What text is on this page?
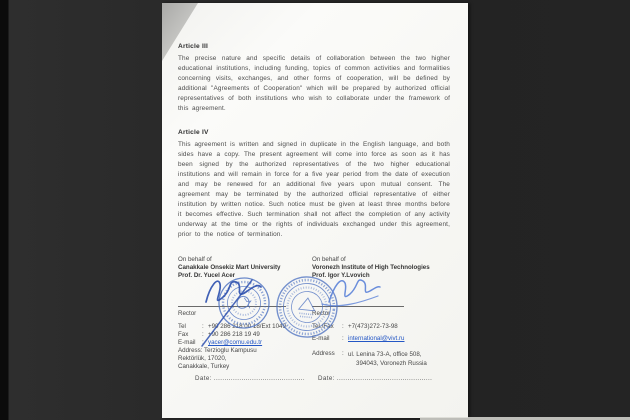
Article III

The precise nature and specific details of collaboration between the two higher educational institutions, including funding, topics of common activities and formalities concerning visits, exchanges, and other forms of cooperation, will be defined by additional "Agreements of Cooperation" which will be prepared by authorized official representatives of both institutions who wish to collaborate under the framework of this agreement.

Article IV

This agreement is written and signed in duplicate in the English language, and both sides have a copy. The present agreement will come into force as soon as it has been signed by the authorized representatives of the two higher educational institutions and will remain in force for a five year period from the date of execution and may be renewed for an additional five years upon mutual consent. The agreement may be terminated by the authorized official representative of either institution by written notice. Such notice must be given at least three months before it becomes effective. Such termination shall not affect the completion of any activity underway at the time or the rights of individuals exchanged under this agreement, prior to the notice of termination.

On behalf of
Canakkale Onsekiz Mart University
Prof. Dr. Yucel Acer
Rector
Tel	: +90 286 218 00 18/Ext 1049
Fax	: +90 286 218 19 49
E-mail	: yacer@comu.edu.tr
Address: Terzioglu Kampusu
Rektörlük, 17020,
Canakkale, Turkey
Date: ...........................................
On behalf of
Voronezh Institute of High Technologies
Prof. Igor Y.Lvovich
Rector
Tel./Fax	: +7(473)272-73-98
E-mail	: international@vivt.ru
Address	: ul. Lenina 73-A, office 508,
394043, Voronezh Russia
Date: .............................................
